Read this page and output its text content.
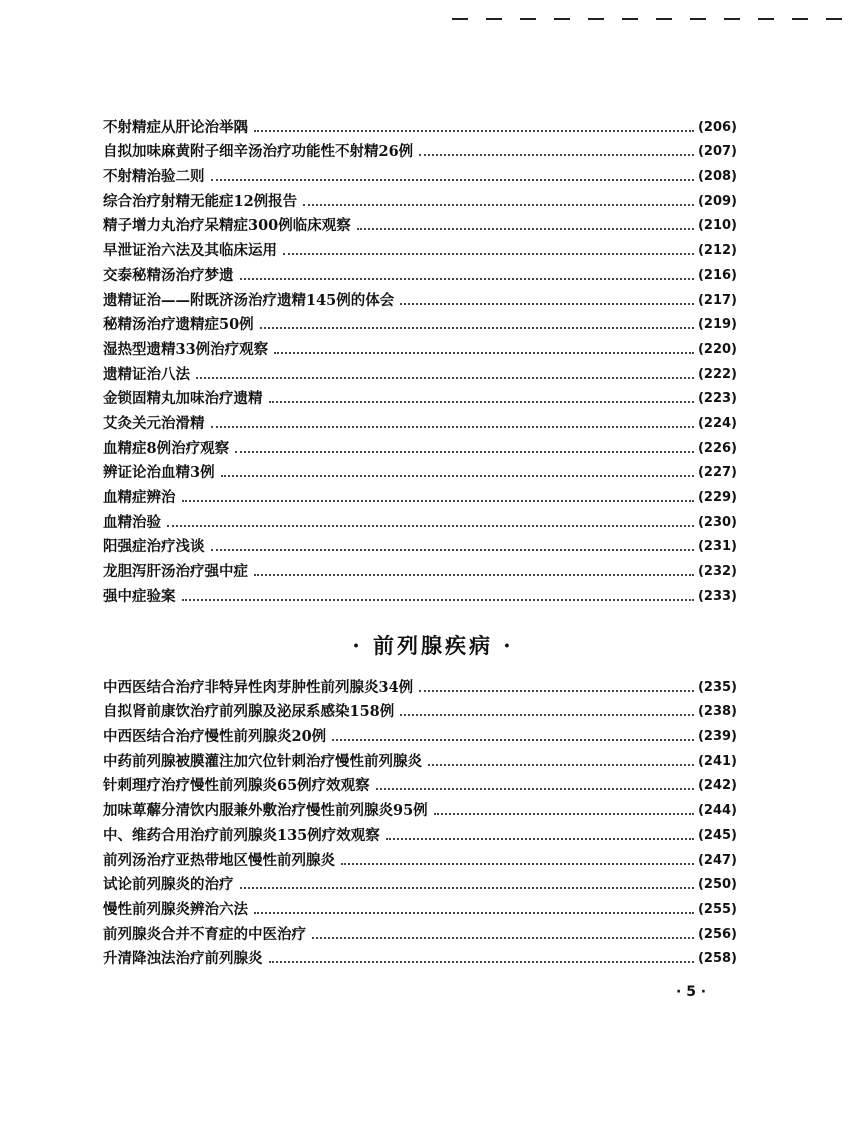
不射精症从肝论治举隅	(206)
自拟加味麻黄附子细辛汤治疗功能性不射精26例	(207)
不射精治验二则	(208)
综合治疗射精无能症12例报告	(209)
精子增力丸治疗呆精症300例临床观察	(210)
早泄证治六法及其临床运用	(212)
交泰秘精汤治疗梦遗	(216)
遗精证治——附既济汤治疗遗精145例的体会	(217)
秘精汤治疗遗精症50例	(219)
湿热型遗精33例治疗观察	(220)
遗精证治八法	(222)
金锁固精丸加味治疗遗精	(223)
艾灸关元治滑精	(224)
血精症8例治疗观察	(226)
辨证论治血精3例	(227)
血精症辨治	(229)
血精治验	(230)
阳强症治疗浅谈	(231)
龙胆泻肝汤治疗强中症	(232)
强中症验案	(233)
· 前列腺疾病 ·
中西医结合治疗非特异性肉芽肿性前列腺炎34例	(235)
自拟肾前康饮治疗前列腺及泌尿系感染158例	(238)
中西医结合治疗慢性前列腺炎20例	(239)
中药前列腺被膜灌注加穴位针刺治疗慢性前列腺炎	(241)
针刺理疗治疗慢性前列腺炎65例疗效观察	(242)
加味萆薢分清饮内服兼外敷治疗慢性前列腺炎95例	(244)
中、维药合用治疗前列腺炎135例疗效观察	(245)
前列汤治疗亚热带地区慢性前列腺炎	(247)
试论前列腺炎的治疗	(250)
慢性前列腺炎辨治六法	(255)
前列腺炎合并不育症的中医治疗	(256)
升清降浊法治疗前列腺炎	(258)
· 5 ·
